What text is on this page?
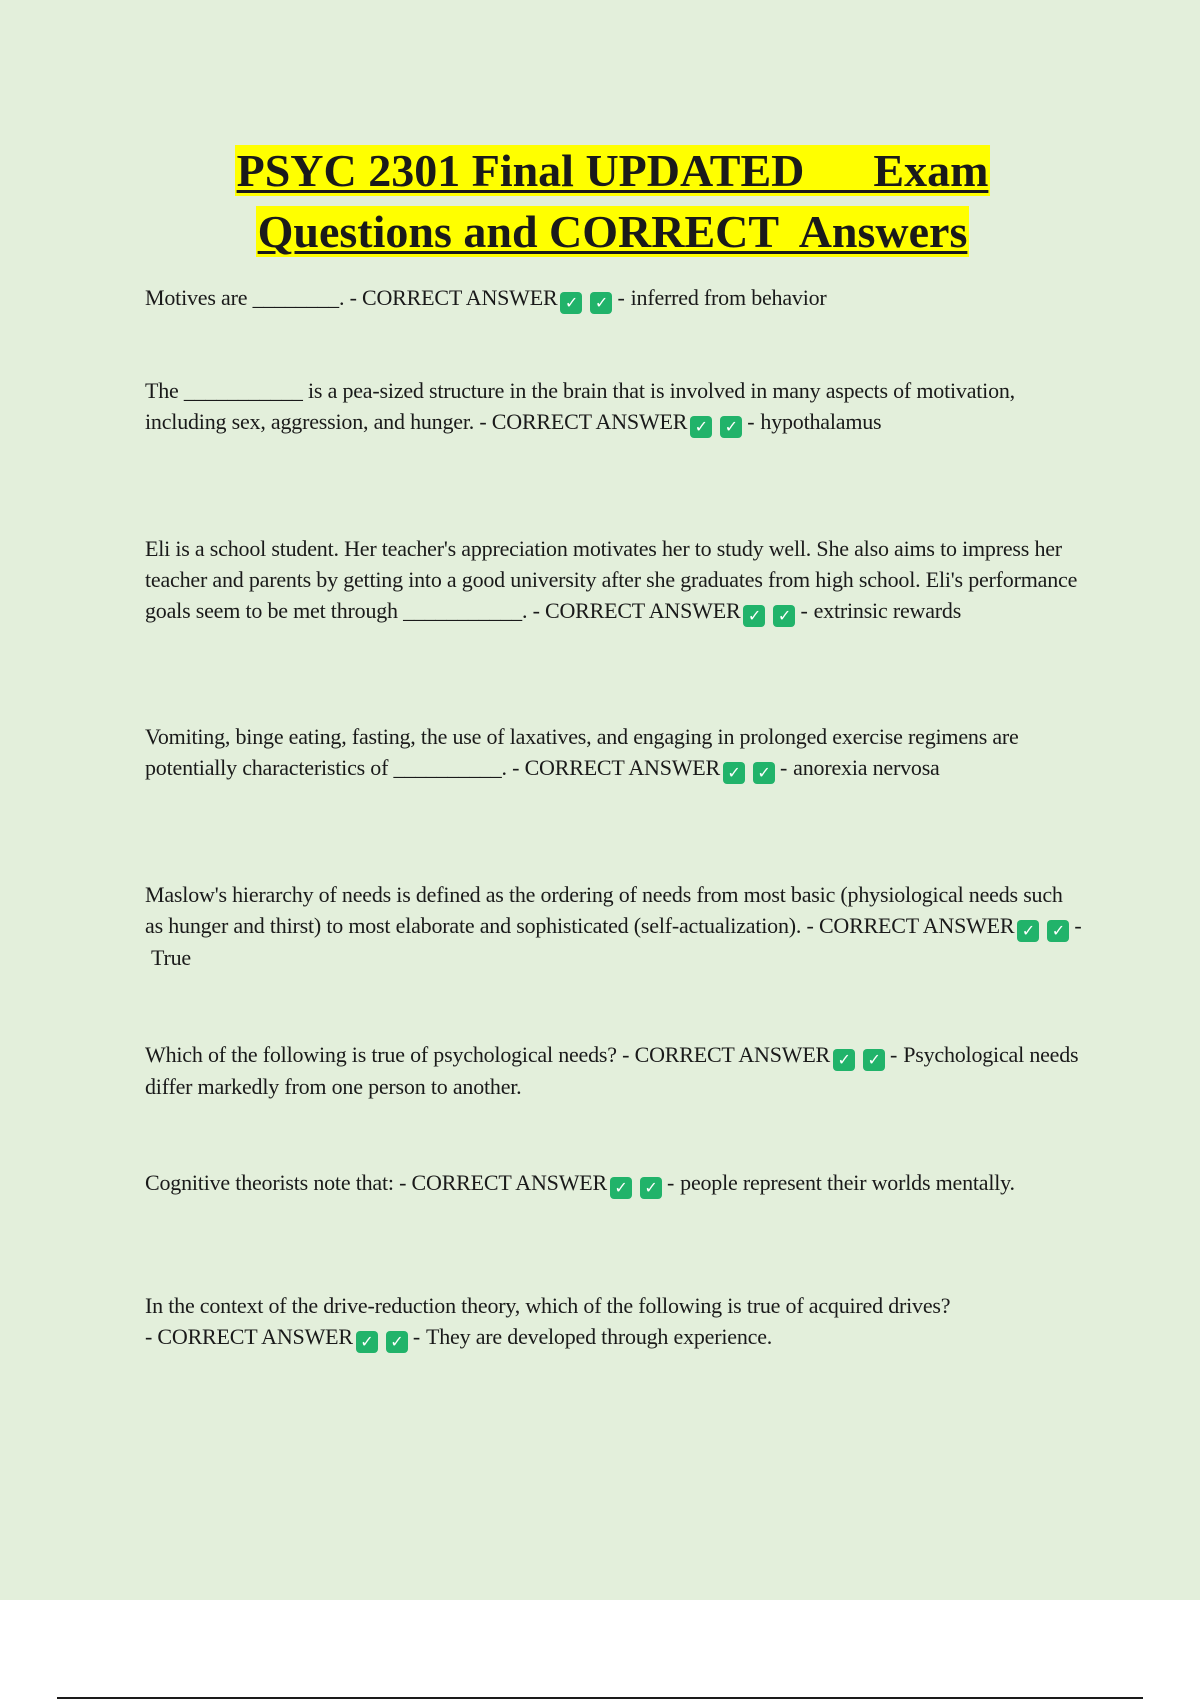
PSYC 2301 Final UPDATED      Exam
Questions and CORRECT  Answers

Motives are ________. - CORRECT ANSWER ✓ ✓	- inferred from behavior

The ___________ is a pea-sized structure in the brain that is involved in many aspects of motivation, including sex, aggression, and hunger. - CORRECT ANSWER ✓ ✓	- hypothalamus

Eli is a school student. Her teacher's appreciation motivates her to study well. She also aims to impress her teacher and parents by getting into a good university after she graduates from high school. Eli's performance goals seem to be met through ___________. - CORRECT ANSWER ✓ ✓	- extrinsic rewards

Vomiting, binge eating, fasting, the use of laxatives, and engaging in prolonged exercise regimens are potentially characteristics of __________. - CORRECT ANSWER ✓ ✓	- anorexia nervosa

Maslow's hierarchy of needs is defined as the ordering of needs from most basic (physiological needs such as hunger and thirst) to most elaborate and sophisticated (self-actualization). - CORRECT ANSWER ✓ ✓	-True

Which of the following is true of psychological needs? - CORRECT ANSWER ✓ ✓	- Psychological needs differ markedly from one person to another.

Cognitive theorists note that: - CORRECT ANSWER ✓ ✓	- people represent their worlds mentally.

In the context of the drive-reduction theory, which of the following is true of acquired drives? - CORRECT ANSWER ✓ ✓	- They are developed through experience.
